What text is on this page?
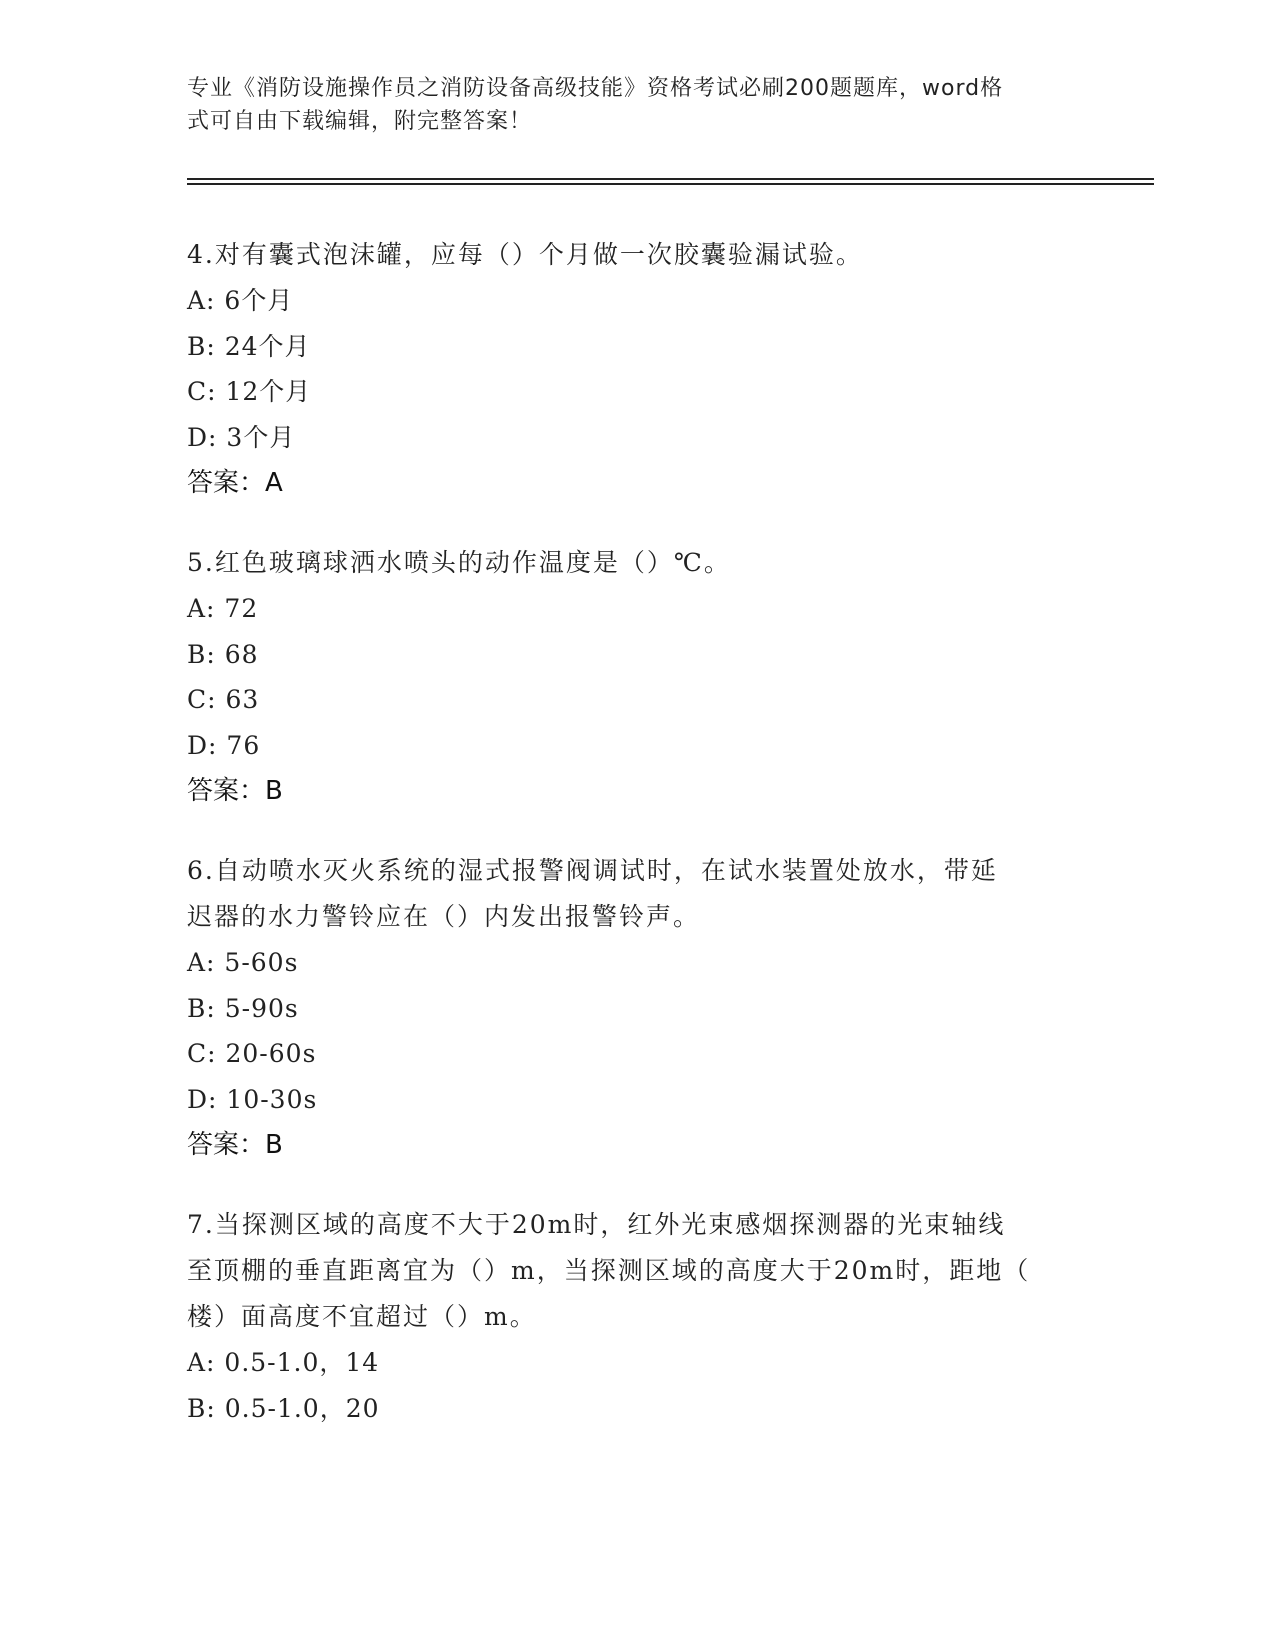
专业《消防设施操作员之消防设备高级技能》资格考试必刷200题题库，word格
式可自由下载编辑，附完整答案！
4.对有囊式泡沫罐，应每（）个月做一次胶囊验漏试验。
A: 6个月
B: 24个月
C: 12个月
D: 3个月
答案：A
5.红色玻璃球洒水喷头的动作温度是（）℃。
A: 72
B: 68
C: 63
D: 76
答案：B
6.自动喷水灭火系统的湿式报警阀调试时，在试水装置处放水，带延
迟器的水力警铃应在（）内发出报警铃声。
A: 5-60s
B: 5-90s
C: 20-60s
D: 10-30s
答案：B
7.当探测区域的高度不大于20m时，红外光束感烟探测器的光束轴线
至顶棚的垂直距离宜为（）m，当探测区域的高度大于20m时，距地（
楼）面高度不宜超过（）m。
A: 0.5-1.0，14
B: 0.5-1.0，20
